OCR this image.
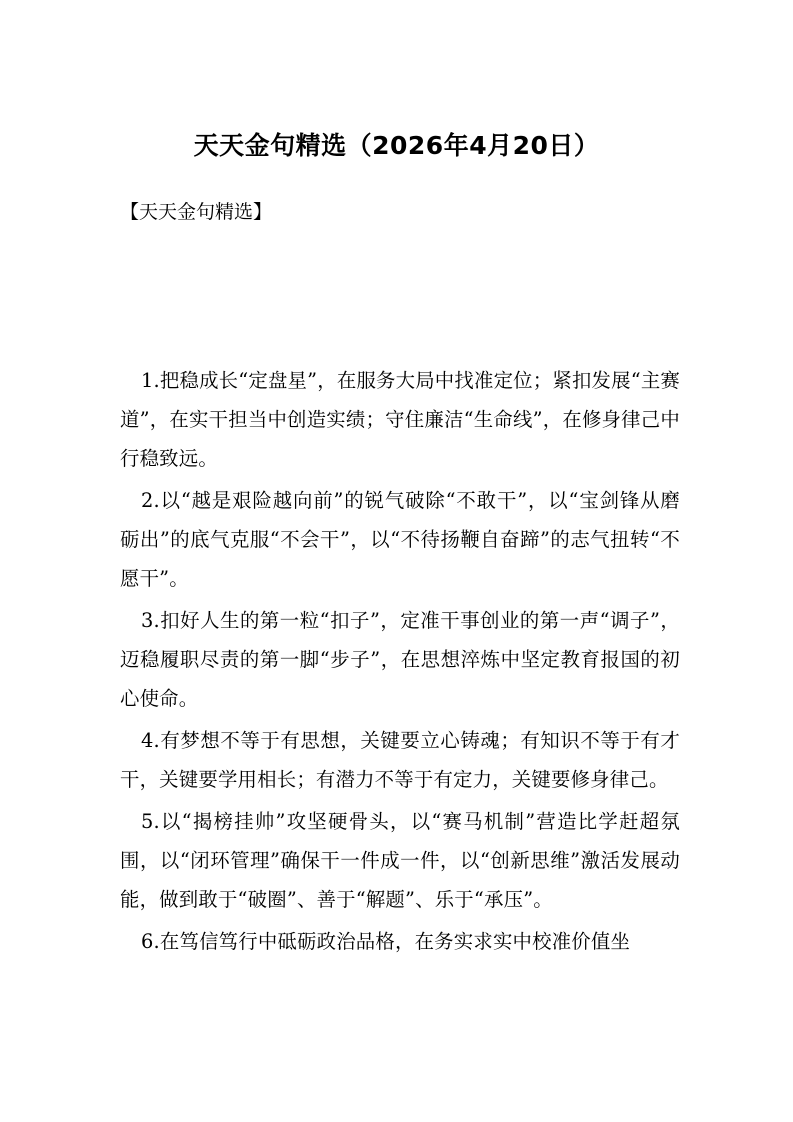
天天金句精选（2026年4月20日）
【天天金句精选】

1.把稳成长“定盘星”，在服务大局中找准定位；紧扣发展“主赛道”，在实干担当中创造实绩；守住廉洁“生命线”，在修身律己中行稳致远。

2.以“越是艰险越向前”的锐气破除“不敢干”，以“宝剑锋从磨砺出”的底气克服“不会干”，以“不待扬鞭自奋蹄”的志气扭转“不愿干”。

3.扣好人生的第一粒“扣子”，定准干事创业的第一声“调子”，迈稳履职尽责的第一脚“步子”，在思想淬炼中坚定教育报国的初心使命。

4.有梦想不等于有思想，关键要立心铸魂；有知识不等于有才干，关键要学用相长；有潜力不等于有定力，关键要修身律己。

5.以“揭榜挂帅”攻坚硬骨头，以“赛马机制”营造比学赶超氛围，以“闭环管理”确保干一件成一件，以“创新思维”激活发展动能，做到敢于“破圈”、善于“解题”、乐于“承压”。

6.在笃信笃行中砥砺政治品格，在务实求实中校准价值坐
